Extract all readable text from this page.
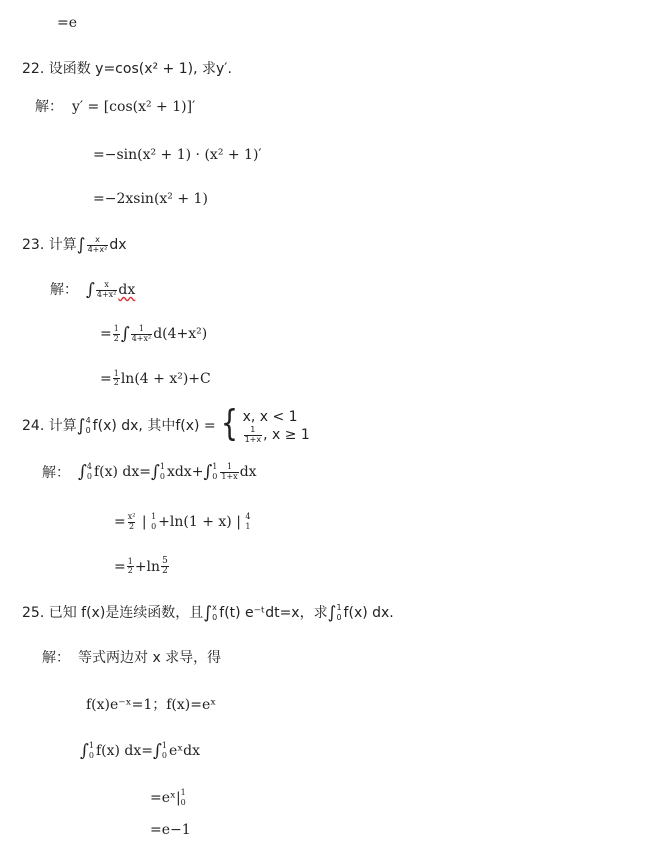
=e
22. 设函数 y=cos(x² + 1), 求y′.
解： y′ = [cos(x² + 1)]′
=−sin(x² + 1) · (x² + 1)′
=−2xsin(x² + 1)
23. 计算∫ $\frac{x}{\text{4+x²}}$ dx
解： ∫ $\frac{x}{\text{4+x²}}$ dx
= $\frac{1}{2}$ ∫ $\frac{1}{\text{4+x²}} d(4+x^2)$
= $\frac{1}{2} \ln(4 + x^2)+C$
24. 计算∫ 4
0 f(x) dx, 其中f(x) = { x, x < 1
$\frac{1}{1+x}$ , x ≥ 1
解： ∫ 4
0 f(x) dx=∫ 1
0 xdx+∫ 1
$0 \frac{1}{1+x}$ dx
= $\frac{\text{x²}}{2}$ | 1
0 +ln(1 + x) | 4
1
= $\frac{1}{2} +\ln \frac{5}{2}$
25. 已知 f(x)是连续函数，且∫ x
0 f(t) e⁻ᵗdt=x，求∫ 1
0 f(x) dx.
解： 等式两边对 x 求导，得
f(x)e⁻ˣ=1；f(x)=eˣ
∫ 1
0 f(x) dx=∫ 1
0 eˣdx
=eˣ| 1
0
=e−1
